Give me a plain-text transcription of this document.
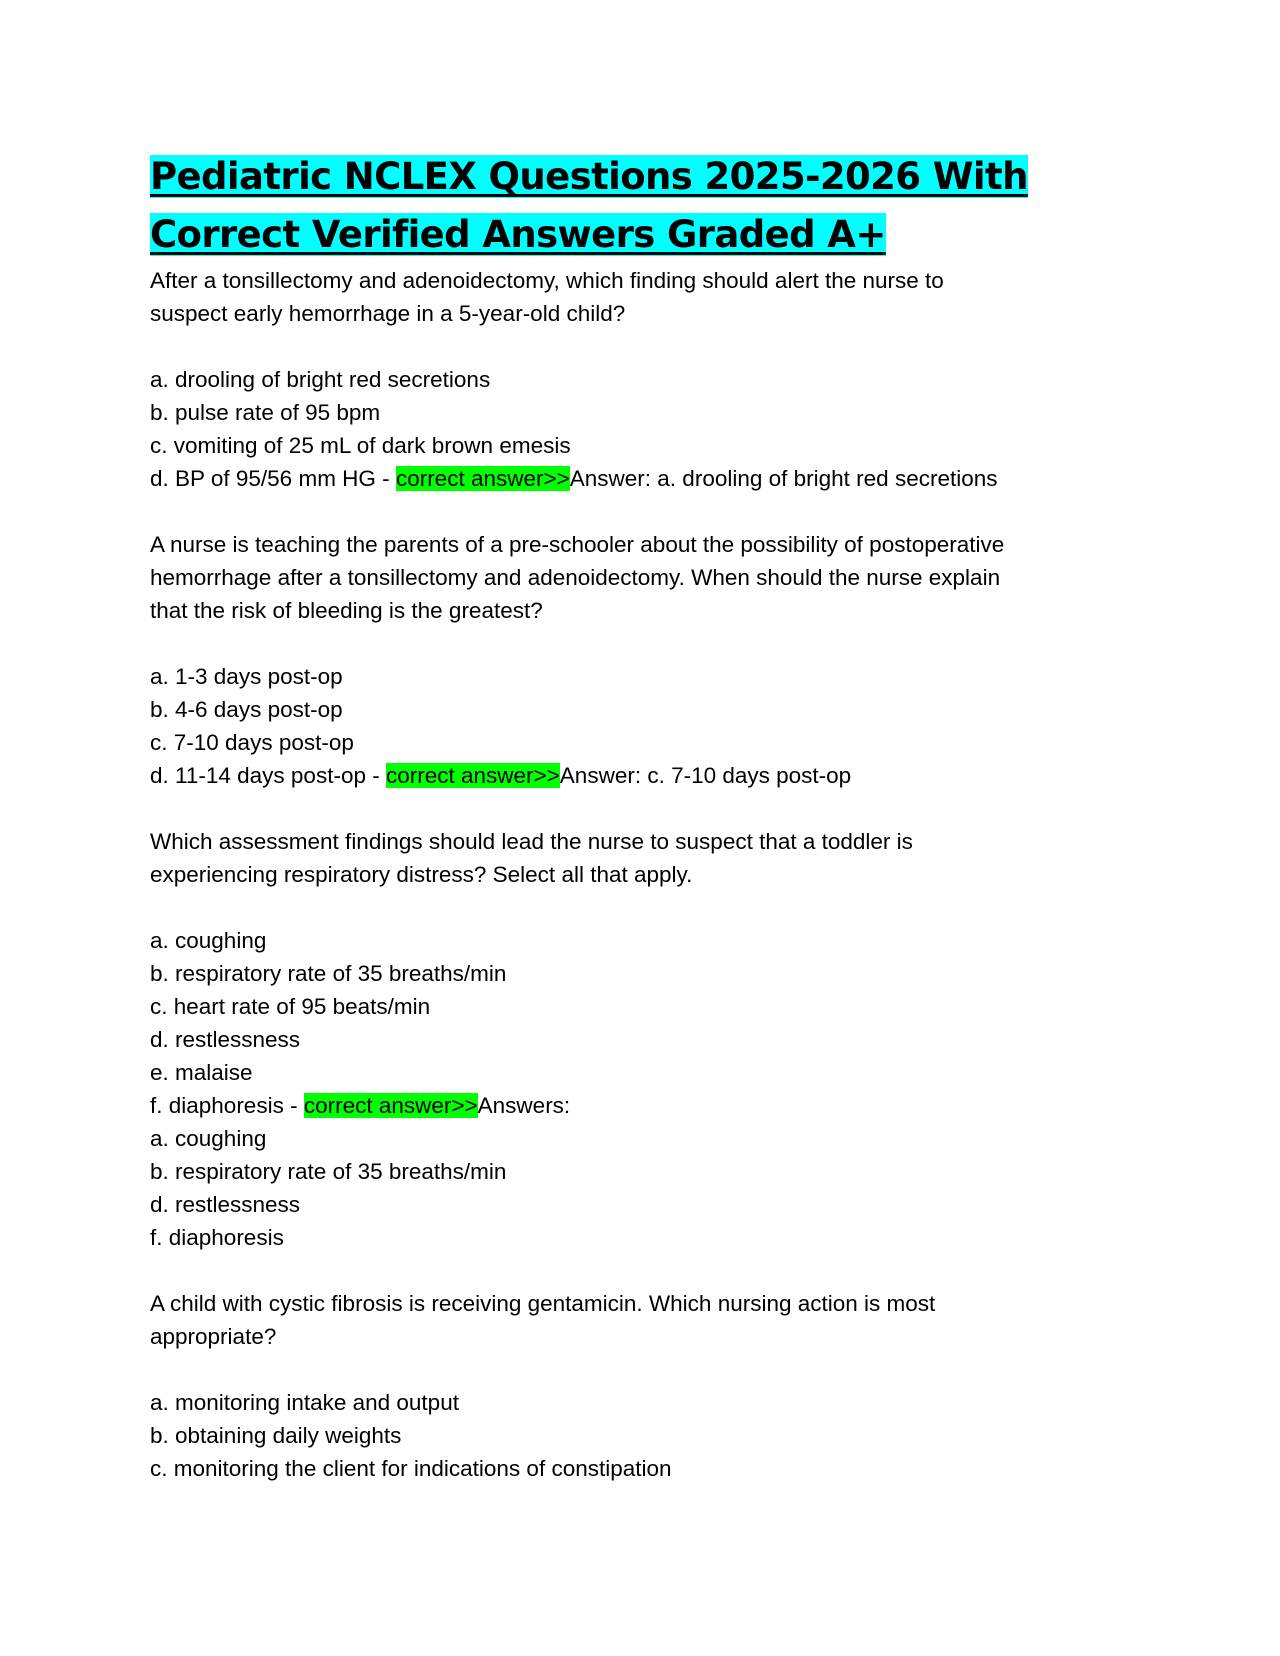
Pediatric NCLEX Questions 2025-2026 With
Correct Verified Answers Graded A+
After a tonsillectomy and adenoidectomy, which finding should alert the nurse to
suspect early hemorrhage in a 5-year-old child?
a. drooling of bright red secretions
b. pulse rate of 95 bpm
c. vomiting of 25 mL of dark brown emesis
d. BP of 95/56 mm HG - correct answer>>Answer: a. drooling of bright red secretions
A nurse is teaching the parents of a pre-schooler about the possibility of postoperative
hemorrhage after a tonsillectomy and adenoidectomy. When should the nurse explain
that the risk of bleeding is the greatest?
a. 1-3 days post-op
b. 4-6 days post-op
c. 7-10 days post-op
d. 11-14 days post-op - correct answer>>Answer: c. 7-10 days post-op
Which assessment findings should lead the nurse to suspect that a toddler is
experiencing respiratory distress? Select all that apply.
a. coughing
b. respiratory rate of 35 breaths/min
c. heart rate of 95 beats/min
d. restlessness
e. malaise
f. diaphoresis - correct answer>>Answers:
a. coughing
b. respiratory rate of 35 breaths/min
d. restlessness
f. diaphoresis
A child with cystic fibrosis is receiving gentamicin. Which nursing action is most
appropriate?
a. monitoring intake and output
b. obtaining daily weights
c. monitoring the client for indications of constipation
